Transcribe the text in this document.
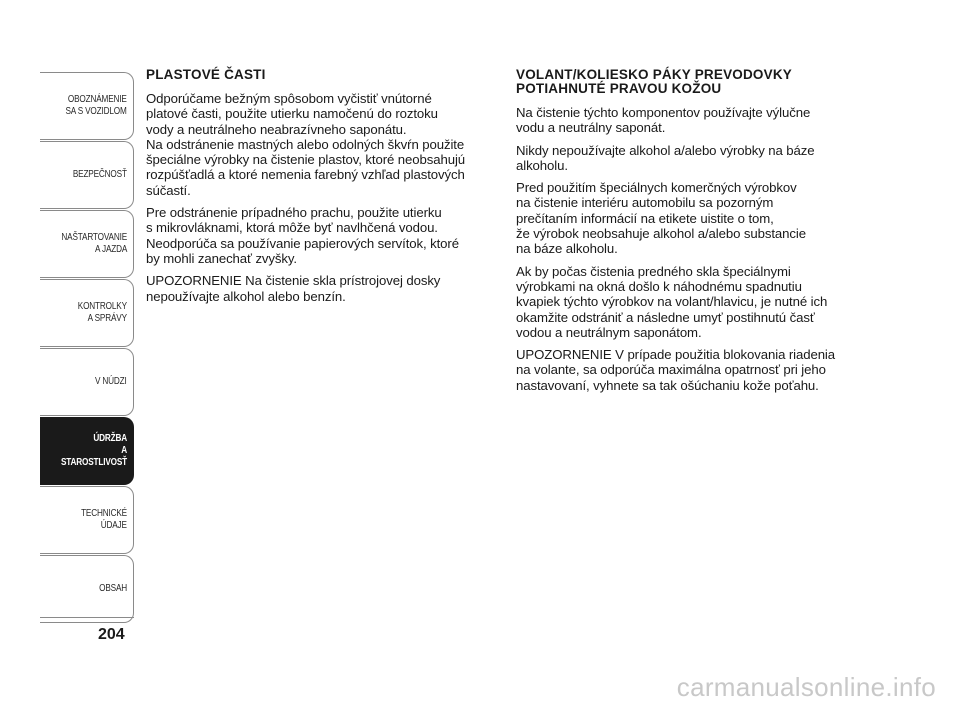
OBOZNÁMENIE
SA S VOZIDLOM
BEZPEČNOSŤ
NAŠTARTOVANIE
A JAZDA
KONTROLKY
A SPRÁVY
V NÚDZI
ÚDRŽBA
A STAROSTLIVOSŤ
TECHNICKÉ
ÚDAJE
OBSAH
204
PLASTOVÉ ČASTI

Odporúčame bežným spôsobom vyčistiť vnútorné
platové časti, použite utierku namočenú do roztoku
vody a neutrálneho neabrazívneho saponátu.
Na odstránenie mastných alebo odolných škvŕn použite
špeciálne výrobky na čistenie plastov, ktoré neobsahujú
rozpúšťadlá a ktoré nemenia farebný vzhľad plastových
súčastí.

Pre odstránenie prípadného prachu, použite utierku
s mikrovláknami, ktorá môže byť navlhčená vodou.
Neodporúča sa používanie papierových servítok, ktoré
by mohli zanechať zvyšky.

UPOZORNENIE Na čistenie skla prístrojovej dosky
nepoužívajte alkohol alebo benzín.

VOLANT/KOLIESKO PÁKY PREVODOVKY
POTIAHNUTÉ PRAVOU KOŽOU

Na čistenie týchto komponentov používajte výlučne
vodu a neutrálny saponát.

Nikdy nepoužívajte alkohol a/alebo výrobky na báze
alkoholu.

Pred použitím špeciálnych komerčných výrobkov
na čistenie interiéru automobilu sa pozorným
prečítaním informácií na etikete uistite o tom,
že výrobok neobsahuje alkohol a/alebo substancie
na báze alkoholu.

Ak by počas čistenia predného skla špeciálnymi
výrobkami na okná došlo k náhodnému spadnutiu
kvapiek týchto výrobkov na volant/hlavicu, je nutné ich
okamžite odstrániť a následne umyť postihnutú časť
vodou a neutrálnym saponátom.

UPOZORNENIE V prípade použitia blokovania riadenia
na volante, sa odporúča maximálna opatrnosť pri jeho
nastavovaní, vyhnete sa tak ošúchaniu kože poťahu.

carmanualsonline.info
